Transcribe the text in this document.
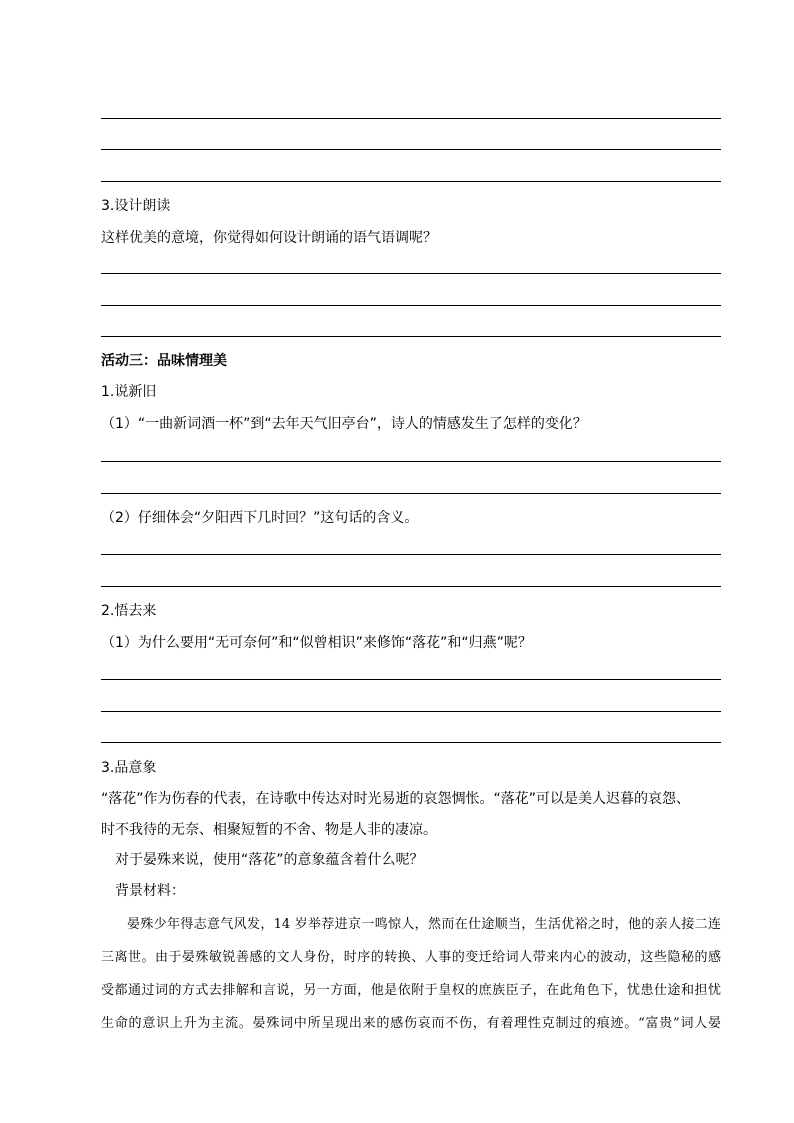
3.设计朗读
这样优美的意境，你觉得如何设计朗诵的语气语调呢？
活动三：品味情理美
1.说新旧
（1）“一曲新词酒一杯”到“去年天气旧亭台”，诗人的情感发生了怎样的变化？
（2）仔细体会“夕阳西下几时回？”这句话的含义。
2.悟去来
（1）为什么要用“无可奈何”和“似曾相识”来修饰“落花”和“归燕”呢？
3.品意象
“落花”作为伤春的代表，在诗歌中传达对时光易逝的哀怨惆怅。“落花”可以是美人迟暮的哀怨、
时不我待的无奈、相聚短暂的不舍、物是人非的凄凉。
对于晏殊来说，使用“落花”的意象蕴含着什么呢？
背景材料：
晏殊少年得志意气风发，14 岁举荐进京一鸣惊人，然而在仕途顺当，生活优裕之时，他的亲人接二连
三离世。由于晏殊敏锐善感的文人身份，时序的转换、人事的变迁给词人带来内心的波动，这些隐秘的感
受都通过词的方式去排解和言说，另一方面，他是依附于皇权的庶族臣子，在此角色下，忧患仕途和担忧
生命的意识上升为主流。晏殊词中所呈现出来的感伤哀而不伤，有着理性克制过的痕迹。“富贵”词人晏
